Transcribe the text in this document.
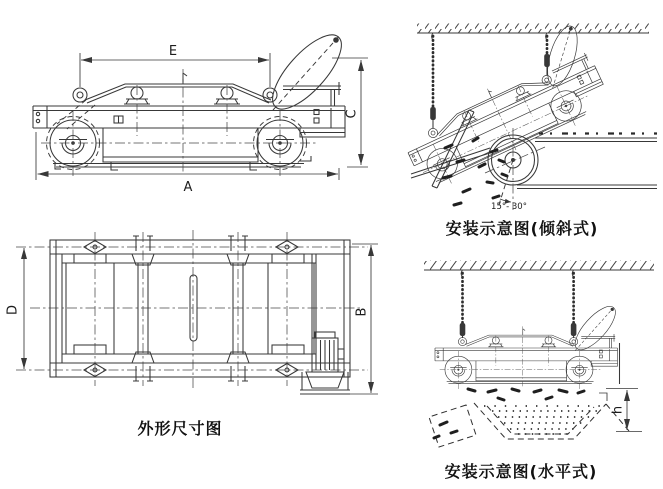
E
C
A
15°- 30°
D	B
h
安装示意图(倾斜式)
外形尺寸图
安装示意图(水平式)
